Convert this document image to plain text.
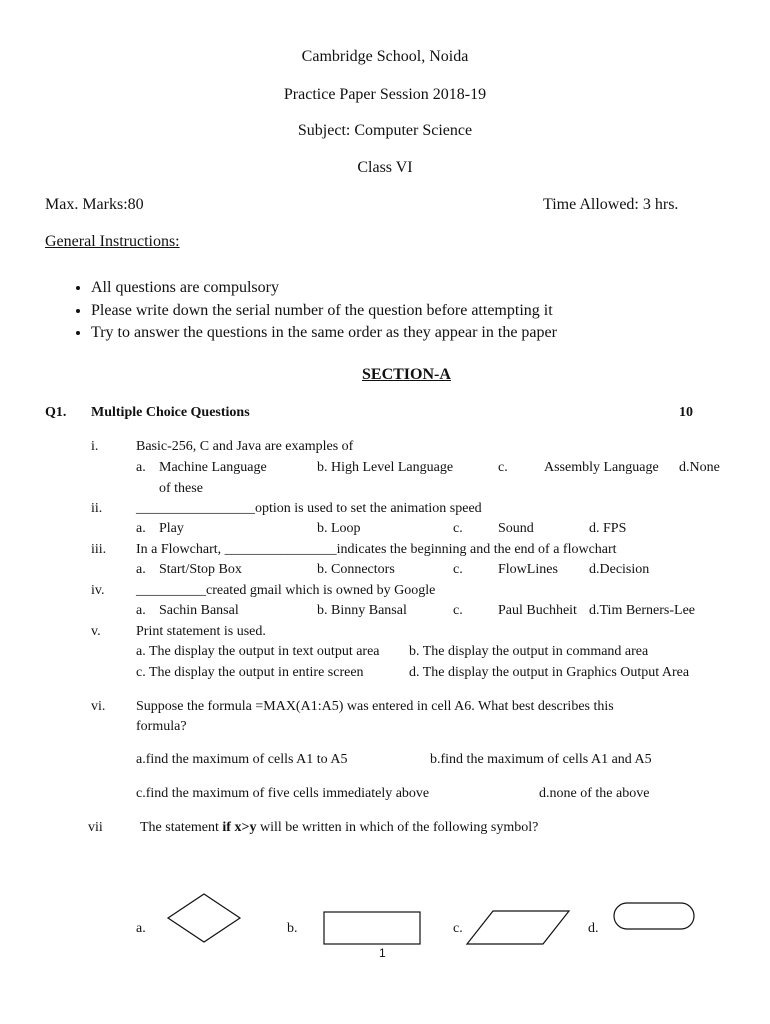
Cambridge School, Noida
Practice Paper Session 2018-19
Subject: Computer Science
Class VI
Max. Marks:80	Time Allowed: 3 hrs.
General Instructions:
• All questions are compulsory
• Please write down the serial number of the question before attempting it
• Try to answer the questions in the same order as they appear in the paper
SECTION-A
Q1. Multiple Choice Questions	10
i.	Basic-256, C and Java are examples of
a. Machine Language	b. High Level Language	c.	Assembly Language d.None
of these
ii. _________________option is used to set the animation speed
a. Play	b. Loop	c.	Sound	d. FPS
iii. In a Flowchart, ________________indicates the beginning and the end of a flowchart
a. Start/Stop Box	b. Connectors	c.	FlowLines d.Decision
iv. __________created gmail which is owned by Google
a. Sachin Bansal	b. Binny Bansal	c.	Paul Buchheit d.Tim Berners-Lee
v.	Print statement is used.
a. The display the output in text output area b. The display the output in command area
c. The display the output in entire screen	d. The display the output in Graphics Output Area
vi. Suppose the formula =MAX(A1:A5) was entered in cell A6. What best describes this
formula?
a.find the maximum of cells A1 to A5	b.find the maximum of cells A1 and A5
c.find the maximum of five cells immediately above	d.none of the above
vii	The statement if x>y will be written in which of the following symbol?
a.	b.	c.	d.
1
